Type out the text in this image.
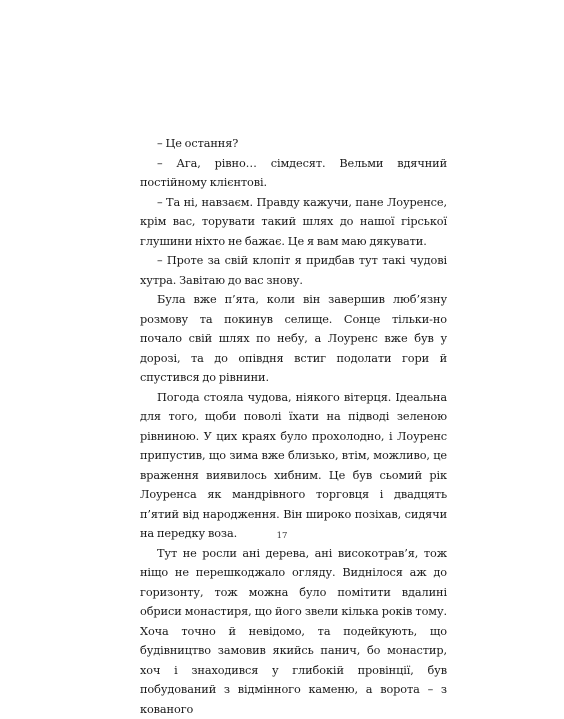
– Це остання?

– Ага, рівно… сімдесят. Вельми вдячний постійному клієнтові.

– Та ні, навзаєм. Правду кажучи, пане Лоуренсе, крім вас, торувати такий шлях до нашої гірської глушини ніхто не бажає. Це я вам маю дякувати.

– Проте за свій клопіт я придбав тут такі чудові хутра. Завітаю до вас знову.

Була вже п’ята, коли він завершив люб’язну розмову та покинув селище. Сонце тільки-но почало свій шлях по небу, а Лоуренс вже був у дорозі, та до опівдня встиг подолати гори й спустився до рівнини.

Погода стояла чудова, ніякого вітерця. Ідеальна для того, щоби поволі їхати на підводі зеленою рівниною. У цих краях було прохолодно, і Лоуренс припустив, що зима вже близько, втім, можливо, це враження виявилось хибним. Це був сьомий рік Лоуренса як мандрівного торговця і двадцять п’ятий від народження. Він широко позіхав, сидячи на передку воза.

Тут не росли ані дерева, ані високотрав’я, тож ніщо не перешкоджало огляду. Виднілося аж до горизонту, тож можна було помітити вдалині обриси монастиря, що його звели кілька років тому. Хоча точно й невідомо, та подейкують, що будівництво замовив якийсь панич, бо монастир, хоч і знаходився у глибокій провінції, був побудований з відмінного каменю, а ворота – з кованого

17
